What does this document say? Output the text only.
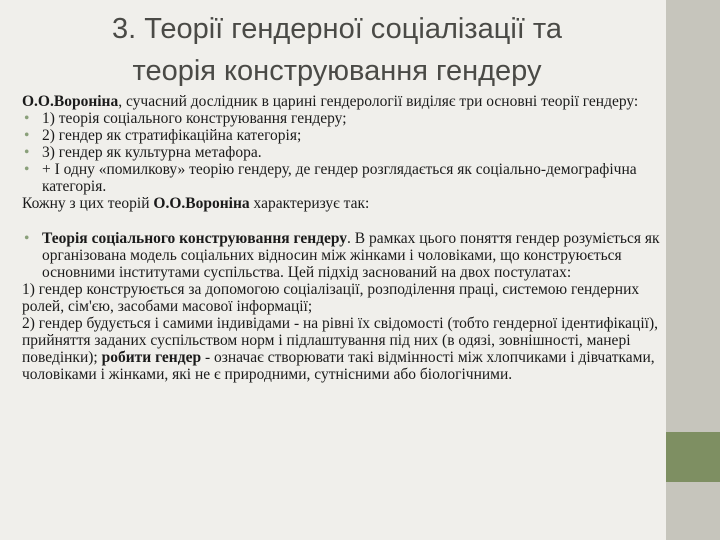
3. Теорії гендерної соціалізації та
теорія конструювання гендеру

О.О.Вороніна, сучасний дослідник в царині гендерології виділяє три основні теорії гендеру:

• 1) теорія соціального конструювання гендеру;

• 2) гендер як стратифікаційна категорія;

• 3) гендер як культурна метафора.

• + І одну «помилкову» теорію гендеру, де гендер розглядається як соціально-демографічна категорія.

Кожну з цих теорій О.О.Вороніна характеризує так:

• Теорія соціального конструювання гендеру. В рамках цього поняття гендер розуміється як організована модель соціальних відносин між жінками і чоловіками, що конструюється основними інститутами суспільства. Цей підхід заснований на двох постулатах:

1) гендер конструюється за допомогою соціалізації, розподілення праці, системою гендерних ролей, сім'єю, засобами масової інформації;

2) гендер будується і самими індивідами - на рівні їх свідомості (тобто гендерної ідентифікації), прийняття заданих суспільством норм і підлаштування під них (в одязі, зовнішності, манері поведінки); робити гендер - означає створювати такі відмінності між хлопчиками і дівчатками, чоловіками і жінками, які не є природними, сутнісними або біологічними.
